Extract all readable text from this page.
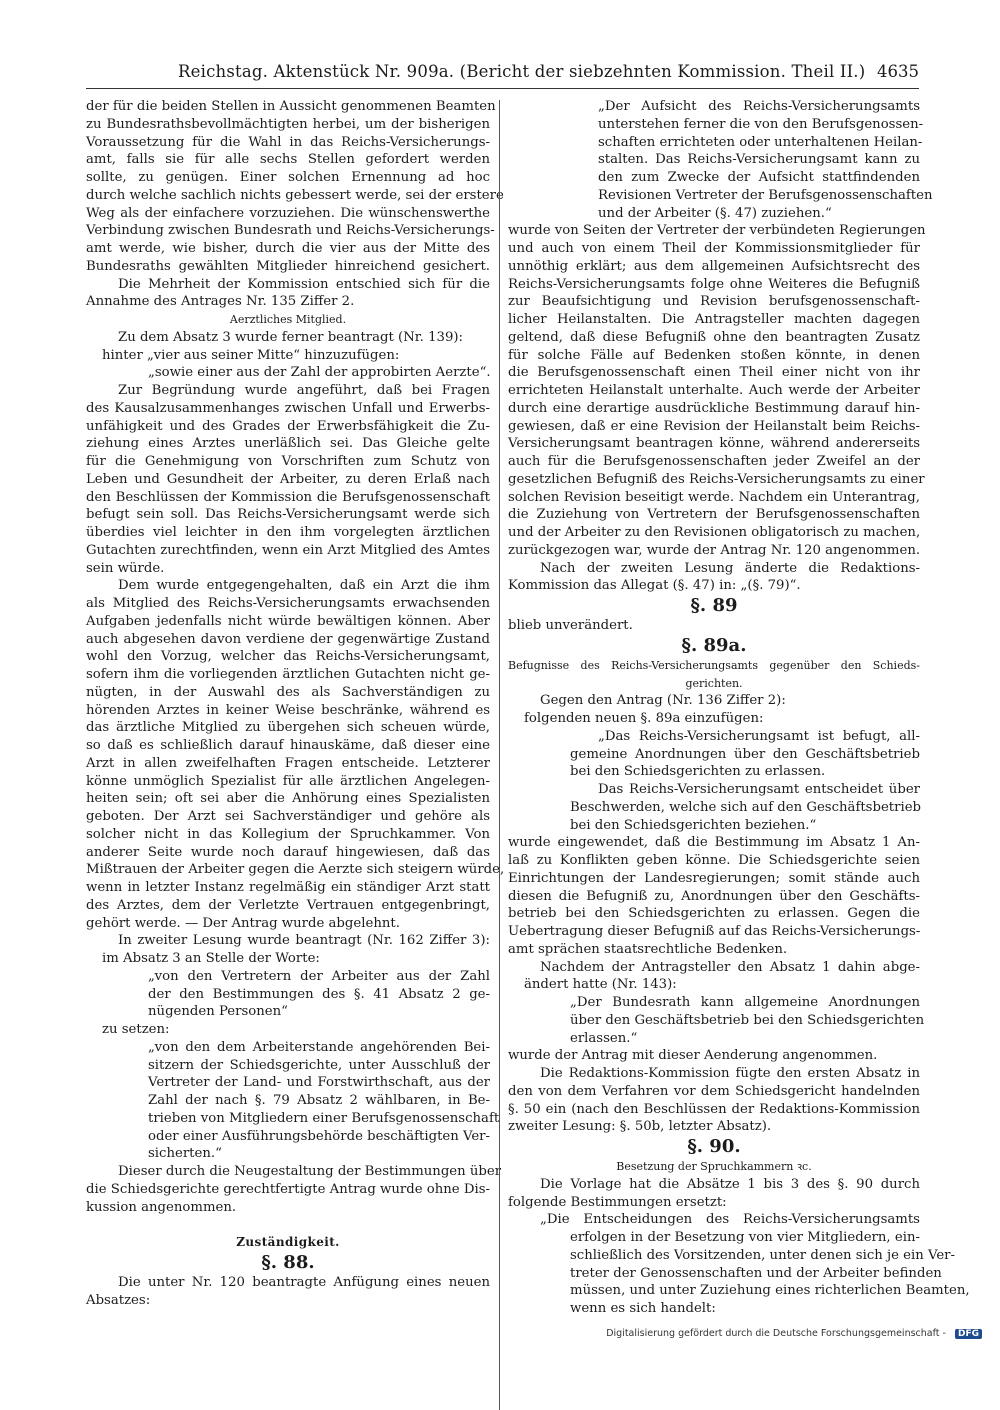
Reichstag. Aktenstück Nr. 909a. (Bericht der siebzehnten Kommission. Theil II.) 4635
der für die beiden Stellen in Aussicht genommenen Beamten
zu Bundesrathsbevollmächtigten herbei, um der bisherigen
Voraussetzung für die Wahl in das Reichs-Versicherungs-
amt, falls sie für alle sechs Stellen gefordert werden
sollte, zu genügen. Einer solchen Ernennung ad hoc
durch welche sachlich nichts gebessert werde, sei der erstere
Weg als der einfachere vorzuziehen. Die wünschenswerthe
Verbindung zwischen Bundesrath und Reichs-Versicherungs-
amt werde, wie bisher, durch die vier aus der Mitte des
Bundesraths gewählten Mitglieder hinreichend gesichert.
Die Mehrheit der Kommission entschied sich für die
Annahme des Antrages Nr. 135 Ziffer 2.
Aerztliches Mitglied.
Zu dem Absatz 3 wurde ferner beantragt (Nr. 139):
hinter „vier aus seiner Mitte“ hinzuzufügen:
„sowie einer aus der Zahl der approbirten Aerzte“.
Zur Begründung wurde angeführt, daß bei Fragen
des Kausalzusammenhanges zwischen Unfall und Erwerbs-
unfähigkeit und des Grades der Erwerbsfähigkeit die Zu-
ziehung eines Arztes unerläßlich sei. Das Gleiche gelte
für die Genehmigung von Vorschriften zum Schutz von
Leben und Gesundheit der Arbeiter, zu deren Erlaß nach
den Beschlüssen der Kommission die Berufsgenossenschaft
befugt sein soll. Das Reichs-Versicherungsamt werde sich
überdies viel leichter in den ihm vorgelegten ärztlichen
Gutachten zurechtfinden, wenn ein Arzt Mitglied des Amtes
sein würde.
Dem wurde entgegengehalten, daß ein Arzt die ihm
als Mitglied des Reichs-Versicherungsamts erwachsenden
Aufgaben jedenfalls nicht würde bewältigen können. Aber
auch abgesehen davon verdiene der gegenwärtige Zustand
wohl den Vorzug, welcher das Reichs-Versicherungsamt,
sofern ihm die vorliegenden ärztlichen Gutachten nicht ge-
nügten, in der Auswahl des als Sachverständigen zu
hörenden Arztes in keiner Weise beschränke, während es
das ärztliche Mitglied zu übergehen sich scheuen würde,
so daß es schließlich darauf hinauskäme, daß dieser eine
Arzt in allen zweifelhaften Fragen entscheide. Letzterer
könne unmöglich Spezialist für alle ärztlichen Angelegen-
heiten sein; oft sei aber die Anhörung eines Spezialisten
geboten. Der Arzt sei Sachverständiger und gehöre als
solcher nicht in das Kollegium der Spruchkammer. Von
anderer Seite wurde noch darauf hingewiesen, daß das
Mißtrauen der Arbeiter gegen die Aerzte sich steigern würde,
wenn in letzter Instanz regelmäßig ein ständiger Arzt statt
des Arztes, dem der Verletzte Vertrauen entgegenbringt,
gehört werde. — Der Antrag wurde abgelehnt.
In zweiter Lesung wurde beantragt (Nr. 162 Ziffer 3):
im Absatz 3 an Stelle der Worte:
„von den Vertretern der Arbeiter aus der Zahl
der den Bestimmungen des §. 41 Absatz 2 ge-
nügenden Personen“
zu setzen:
„von den dem Arbeiterstande angehörenden Bei-
sitzern der Schiedsgerichte, unter Ausschluß der
Vertreter der Land- und Forstwirthschaft, aus der
Zahl der nach §. 79 Absatz 2 wählbaren, in Be-
trieben von Mitgliedern einer Berufsgenossenschaft
oder einer Ausführungsbehörde beschäftigten Ver-
sicherten.“
Dieser durch die Neugestaltung der Bestimmungen über
die Schiedsgerichte gerechtfertigte Antrag wurde ohne Dis-
kussion angenommen.

Zuständigkeit.
§. 88.
Die unter Nr. 120 beantragte Anfügung eines neuen
Absatzes:
„Der Aufsicht des Reichs-Versicherungsamts
unterstehen ferner die von den Berufsgenossen-
schaften errichteten oder unterhaltenen Heilan-
stalten. Das Reichs-Versicherungsamt kann zu
den zum Zwecke der Aufsicht stattfindenden
Revisionen Vertreter der Berufsgenossenschaften
und der Arbeiter (§. 47) zuziehen.“
wurde von Seiten der Vertreter der verbündeten Regierungen
und auch von einem Theil der Kommissionsmitglieder für
unnöthig erklärt; aus dem allgemeinen Aufsichtsrecht des
Reichs-Versicherungsamts folge ohne Weiteres die Befugniß
zur Beaufsichtigung und Revision berufsgenossenschaft-
licher Heilanstalten. Die Antragsteller machten dagegen
geltend, daß diese Befugniß ohne den beantragten Zusatz
für solche Fälle auf Bedenken stoßen könnte, in denen
die Berufsgenossenschaft einen Theil einer nicht von ihr
errichteten Heilanstalt unterhalte. Auch werde der Arbeiter
durch eine derartige ausdrückliche Bestimmung darauf hin-
gewiesen, daß er eine Revision der Heilanstalt beim Reichs-
Versicherungsamt beantragen könne, während andererseits
auch für die Berufsgenossenschaften jeder Zweifel an der
gesetzlichen Befugniß des Reichs-Versicherungsamts zu einer
solchen Revision beseitigt werde. Nachdem ein Unterantrag,
die Zuziehung von Vertretern der Berufsgenossenschaften
und der Arbeiter zu den Revisionen obligatorisch zu machen,
zurückgezogen war, wurde der Antrag Nr. 120 angenommen.
Nach der zweiten Lesung änderte die Redaktions-
Kommission das Allegat (§. 47) in: „(§. 79)“.
§. 89
blieb unverändert.
§. 89a.
Befugnisse des Reichs-Versicherungsamts gegenüber den Schieds-
gerichten.
Gegen den Antrag (Nr. 136 Ziffer 2):
folgenden neuen §. 89a einzufügen:
„Das Reichs-Versicherungsamt ist befugt, all-
gemeine Anordnungen über den Geschäftsbetrieb
bei den Schiedsgerichten zu erlassen.
Das Reichs-Versicherungsamt entscheidet über
Beschwerden, welche sich auf den Geschäftsbetrieb
bei den Schiedsgerichten beziehen.“
wurde eingewendet, daß die Bestimmung im Absatz 1 An-
laß zu Konflikten geben könne. Die Schiedsgerichte seien
Einrichtungen der Landesregierungen; somit stände auch
diesen die Befugniß zu, Anordnungen über den Geschäfts-
betrieb bei den Schiedsgerichten zu erlassen. Gegen die
Uebertragung dieser Befugniß auf das Reichs-Versicherungs-
amt sprächen staatsrechtliche Bedenken.
Nachdem der Antragsteller den Absatz 1 dahin abge-
ändert hatte (Nr. 143):
„Der Bundesrath kann allgemeine Anordnungen
über den Geschäftsbetrieb bei den Schiedsgerichten
erlassen.“
wurde der Antrag mit dieser Aenderung angenommen.
Die Redaktions-Kommission fügte den ersten Absatz in
den von dem Verfahren vor dem Schiedsgericht handelnden
§. 50 ein (nach den Beschlüssen der Redaktions-Kommission
zweiter Lesung: §. 50b, letzter Absatz).
§. 90.
Besetzung der Spruchkammern ꝛc.
Die Vorlage hat die Absätze 1 bis 3 des §. 90 durch
folgende Bestimmungen ersetzt:
„Die Entscheidungen des Reichs-Versicherungsamts
erfolgen in der Besetzung von vier Mitgliedern, ein-
schließlich des Vorsitzenden, unter denen sich je ein Ver-
treter der Genossenschaften und der Arbeiter befinden
müssen, und unter Zuziehung eines richterlichen Beamten,
wenn es sich handelt:
Digitalisierung gefördert durch die Deutsche Forschungsgemeinschaft - DFG
